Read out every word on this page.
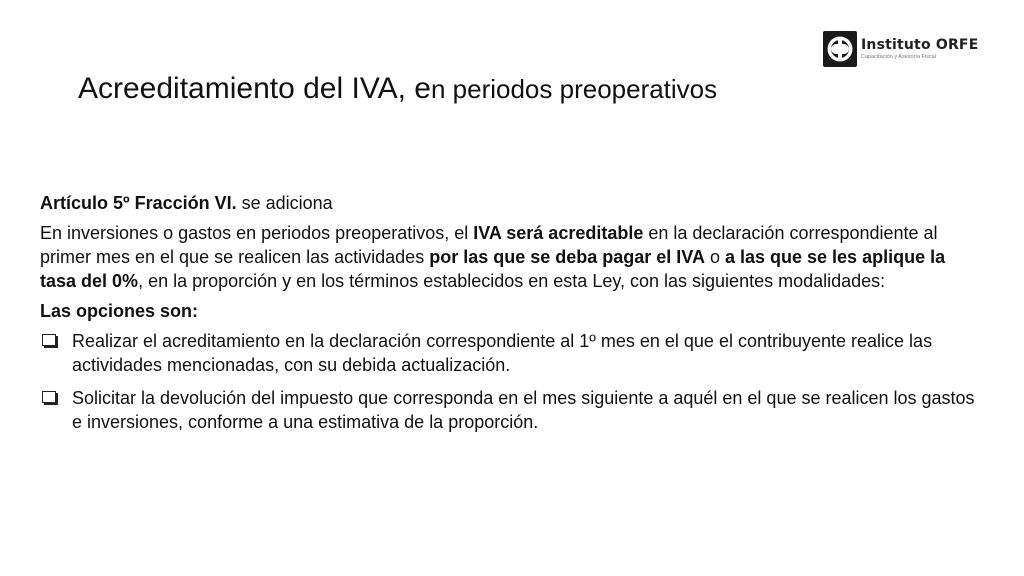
Instituto ORFE
Capacitación y Asesoría Fiscal
Acreeditamiento del IVA, en periodos preoperativos

Artículo 5º Fracción VI. se adiciona

En inversiones o gastos en periodos preoperativos, el IVA será acreditable en la declaración correspondiente al primer mes en el que se realicen las actividades por las que se deba pagar el IVA o a las que se les aplique la tasa del 0%, en la proporción y en los términos establecidos en esta Ley, con las siguientes modalidades:

Las opciones son:

Realizar el acreditamiento en la declaración correspondiente al 1º mes en el que el contribuyente realice las actividades mencionadas, con su debida actualización.
Solicitar la devolución del impuesto que corresponda en el mes siguiente a aquél en el que se realicen los gastos e inversiones, conforme a una estimativa de la proporción.
